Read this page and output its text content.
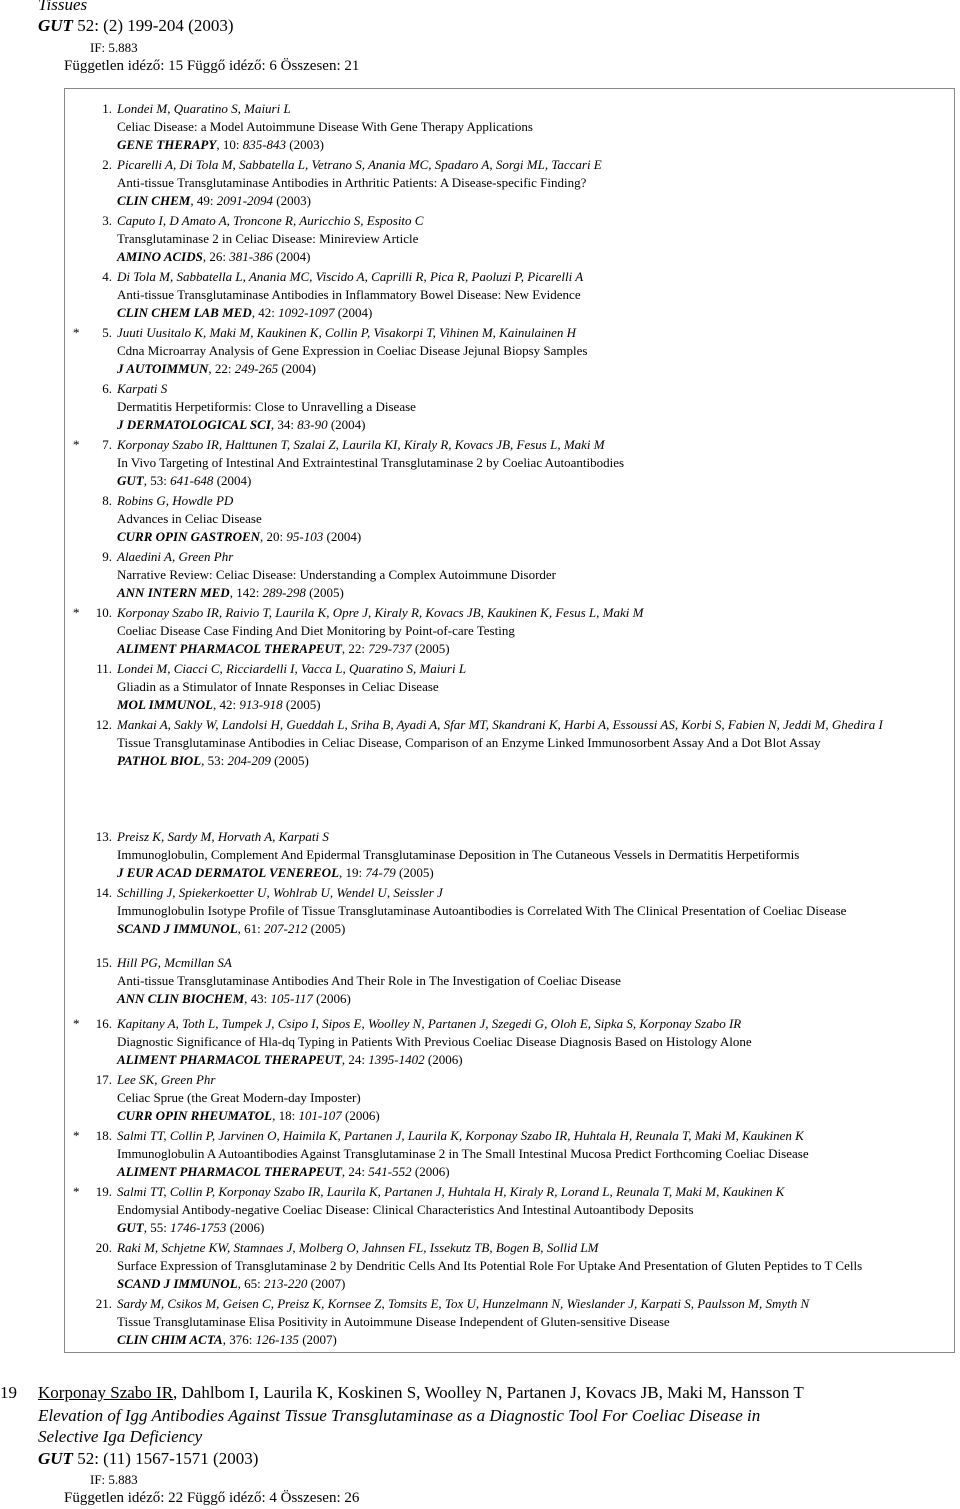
Tissues
GUT 52: (2) 199-204 (2003)
IF: 5.883
Független idéző: 15 Függő idéző: 6 Összesen: 21
1. Londei M, Quaratino S, Maiuri L
Celiac Disease: a Model Autoimmune Disease With Gene Therapy Applications
GENE THERAPY, 10: 835-843 (2003)
2. Picarelli A, Di Tola M, Sabbatella L, Vetrano S, Anania MC, Spadaro A, Sorgi ML, Taccari E
Anti-tissue Transglutaminase Antibodies in Arthritic Patients: A Disease-specific Finding?
CLIN CHEM, 49: 2091-2094 (2003)
3. Caputo I, D Amato A, Troncone R, Auricchio S, Esposito C
Transglutaminase 2 in Celiac Disease: Minireview Article
AMINO ACIDS, 26: 381-386 (2004)
4. Di Tola M, Sabbatella L, Anania MC, Viscido A, Caprilli R, Pica R, Paoluzi P, Picarelli A
Anti-tissue Transglutaminase Antibodies in Inflammatory Bowel Disease: New Evidence
CLIN CHEM LAB MED, 42: 1092-1097 (2004)
*	5. Juuti Uusitalo K, Maki M, Kaukinen K, Collin P, Visakorpi T, Vihinen M, Kainulainen H
Cdna Microarray Analysis of Gene Expression in Coeliac Disease Jejunal Biopsy Samples
J AUTOIMMUN, 22: 249-265 (2004)
6. Karpati S
Dermatitis Herpetiformis: Close to Unravelling a Disease
J DERMATOLOGICAL SCI, 34: 83-90 (2004)
*	7. Korponay Szabo IR, Halttunen T, Szalai Z, Laurila KI, Kiraly R, Kovacs JB, Fesus L, Maki M
In Vivo Targeting of Intestinal And Extraintestinal Transglutaminase 2 by Coeliac Autoantibodies
GUT, 53: 641-648 (2004)
8. Robins G, Howdle PD
Advances in Celiac Disease
CURR OPIN GASTROEN, 20: 95-103 (2004)
9. Alaedini A, Green Phr
Narrative Review: Celiac Disease: Understanding a Complex Autoimmune Disorder
ANN INTERN MED, 142: 289-298 (2005)
*	10. Korponay Szabo IR, Raivio T, Laurila K, Opre J, Kiraly R, Kovacs JB, Kaukinen K, Fesus L, Maki M
Coeliac Disease Case Finding And Diet Monitoring by Point-of-care Testing
ALIMENT PHARMACOL THERAPEUT, 22: 729-737 (2005)
11. Londei M, Ciacci C, Ricciardelli I, Vacca L, Quaratino S, Maiuri L
Gliadin as a Stimulator of Innate Responses in Celiac Disease
MOL IMMUNOL, 42: 913-918 (2005)
12. Mankai A, Sakly W, Landolsi H, Gueddah L, Sriha B, Ayadi A, Sfar MT, Skandrani K, Harbi A, Essoussi AS, Korbi S, Fabien N, Jeddi M, Ghedira I
Tissue Transglutaminase Antibodies in Celiac Disease, Comparison of an Enzyme Linked Immunosorbent Assay And a Dot Blot Assay
PATHOL BIOL, 53: 204-209 (2005)
13. Preisz K, Sardy M, Horvath A, Karpati S
Immunoglobulin, Complement And Epidermal Transglutaminase Deposition in The Cutaneous Vessels in Dermatitis Herpetiformis
J EUR ACAD DERMATOL VENEREOL, 19: 74-79 (2005)
14. Schilling J, Spiekerkoetter U, Wohlrab U, Wendel U, Seissler J
Immunoglobulin Isotype Profile of Tissue Transglutaminase Autoantibodies is Correlated With The Clinical Presentation of Coeliac Disease
SCAND J IMMUNOL, 61: 207-212 (2005)
15. Hill PG, Mcmillan SA
Anti-tissue Transglutaminase Antibodies And Their Role in The Investigation of Coeliac Disease
ANN CLIN BIOCHEM, 43: 105-117 (2006)
*	16. Kapitany A, Toth L, Tumpek J, Csipo I, Sipos E, Woolley N, Partanen J, Szegedi G, Oloh E, Sipka S, Korponay Szabo IR
Diagnostic Significance of Hla-dq Typing in Patients With Previous Coeliac Disease Diagnosis Based on Histology Alone
ALIMENT PHARMACOL THERAPEUT, 24: 1395-1402 (2006)
17. Lee SK, Green Phr
Celiac Sprue (the Great Modern-day Imposter)
CURR OPIN RHEUMATOL, 18: 101-107 (2006)
*	18. Salmi TT, Collin P, Jarvinen O, Haimila K, Partanen J, Laurila K, Korponay Szabo IR, Huhtala H, Reunala T, Maki M, Kaukinen K
Immunoglobulin A Autoantibodies Against Transglutaminase 2 in The Small Intestinal Mucosa Predict Forthcoming Coeliac Disease
ALIMENT PHARMACOL THERAPEUT, 24: 541-552 (2006)
*	19. Salmi TT, Collin P, Korponay Szabo IR, Laurila K, Partanen J, Huhtala H, Kiraly R, Lorand L, Reunala T, Maki M, Kaukinen K
Endomysial Antibody-negative Coeliac Disease: Clinical Characteristics And Intestinal Autoantibody Deposits
GUT, 55: 1746-1753 (2006)
20. Raki M, Schjetne KW, Stamnaes J, Molberg O, Jahnsen FL, Issekutz TB, Bogen B, Sollid LM
Surface Expression of Transglutaminase 2 by Dendritic Cells And Its Potential Role For Uptake And Presentation of Gluten Peptides to T Cells
SCAND J IMMUNOL, 65: 213-220 (2007)
21. Sardy M, Csikos M, Geisen C, Preisz K, Kornsee Z, Tomsits E, Tox U, Hunzelmann N, Wieslander J, Karpati S, Paulsson M, Smyth N
Tissue Transglutaminase Elisa Positivity in Autoimmune Disease Independent of Gluten-sensitive Disease
CLIN CHIM ACTA, 376: 126-135 (2007)
19 Korponay Szabo IR, Dahlbom I, Laurila K, Koskinen S, Woolley N, Partanen J, Kovacs JB, Maki M, Hansson T
Elevation of Igg Antibodies Against Tissue Transglutaminase as a Diagnostic Tool For Coeliac Disease in Selective Iga Deficiency
GUT 52: (11) 1567-1571 (2003)
IF: 5.883
Független idéző: 22 Függő idéző: 4 Összesen: 26
